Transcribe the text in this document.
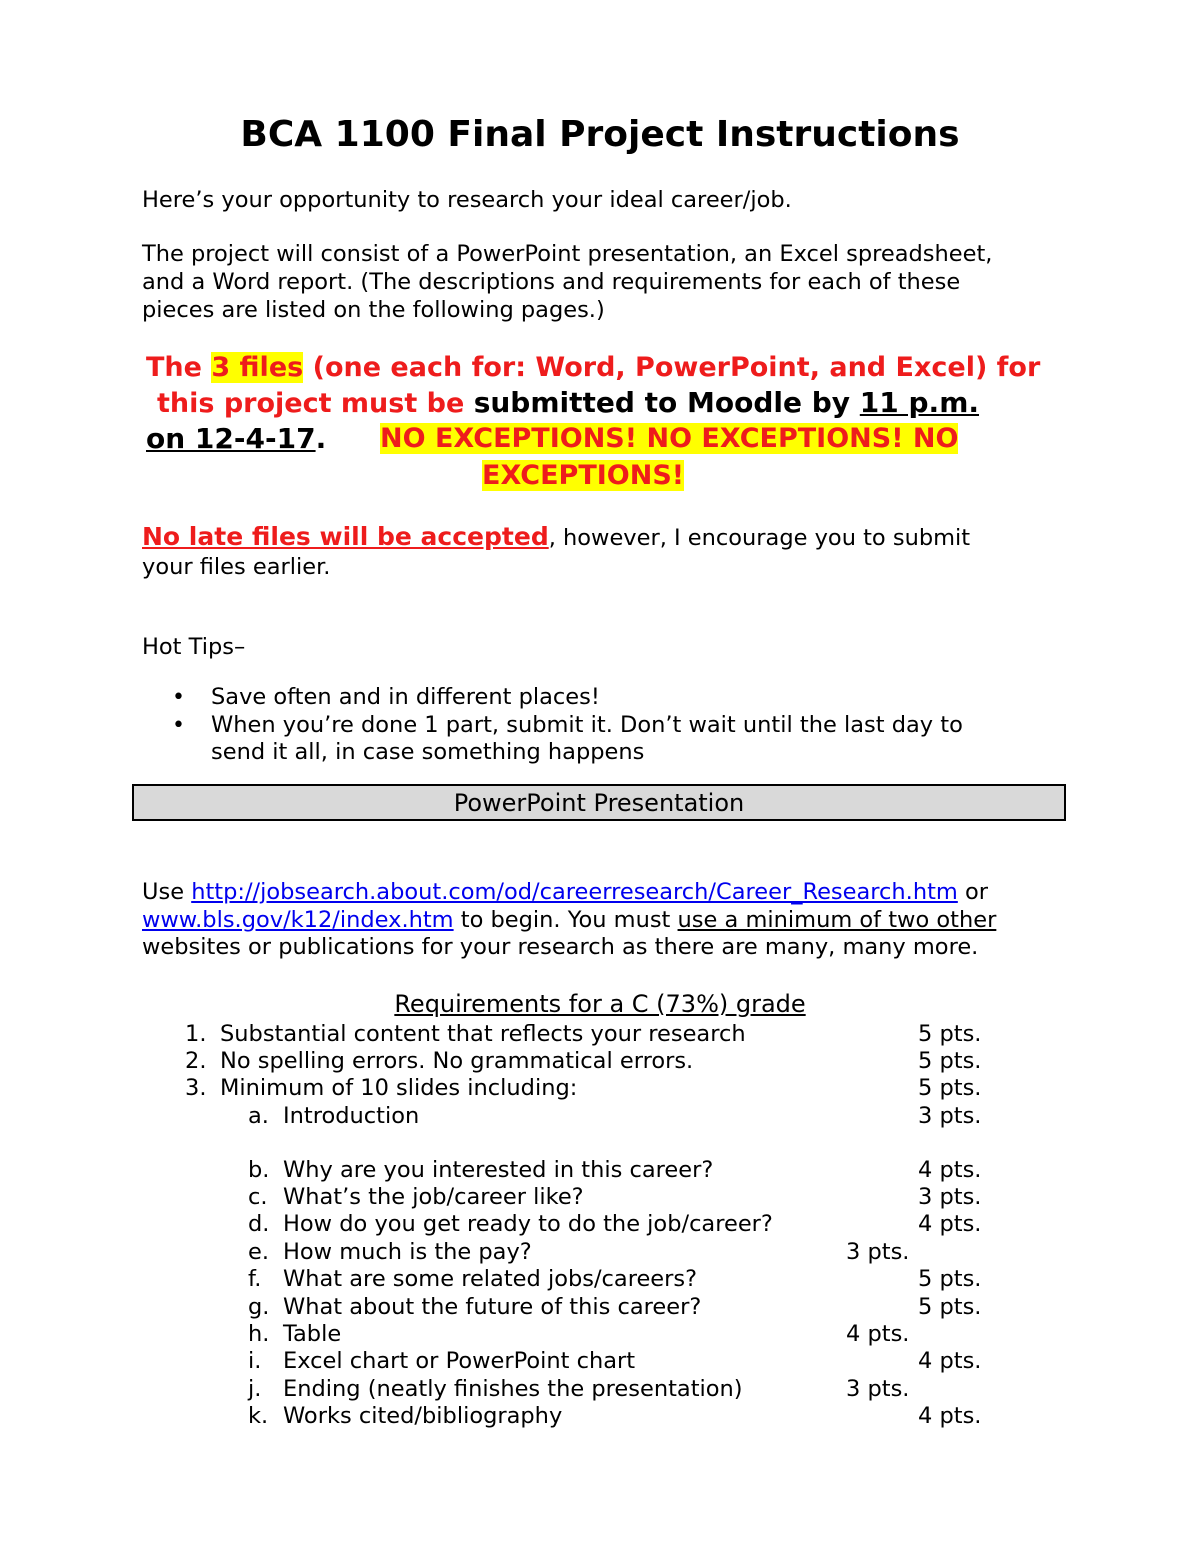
BCA 1100 Final Project Instructions
Here’s your opportunity to research your ideal career/job.
The project will consist of a PowerPoint presentation, an Excel spreadsheet,
and a Word report. (The descriptions and requirements for each of these
pieces are listed on the following pages.)
The 3 files (one each for: Word, PowerPoint, and Excel) for
this project must be submitted to Moodle by 11 p.m.
on 12-4-17. NO EXCEPTIONS! NO EXCEPTIONS! NO
EXCEPTIONS!
No late files will be accepted, however, I encourage you to submit
your files earlier.
Hot Tips–
• Save often and in different places!
• When you’re done 1 part, submit it. Don’t wait until the last day to
send it all, in case something happens
PowerPoint Presentation
Use http://jobsearch.about.com/od/careerresearch/Career_Research.htm or
www.bls.gov/k12/index.htm to begin. You must use a minimum of two other
websites or publications for your research as there are many, many more.
Requirements for a C (73%) grade
1. Substantial content that reflects your research	5 pts.
2. No spelling errors. No grammatical errors.	5 pts.
3. Minimum of 10 slides including:	5 pts.
a. Introduction	3 pts.
b. Why are you interested in this career?	4 pts.
c. What’s the job/career like?	3 pts.
d. How do you get ready to do the job/career?	4 pts.
e. How much is the pay?	3 pts.
f. What are some related jobs/careers?	5 pts.
g. What about the future of this career?	5 pts.
h. Table	4 pts.
i. Excel chart or PowerPoint chart	4 pts.
j. Ending (neatly finishes the presentation)	3 pts.
k. Works cited/bibliography	4 pts.
